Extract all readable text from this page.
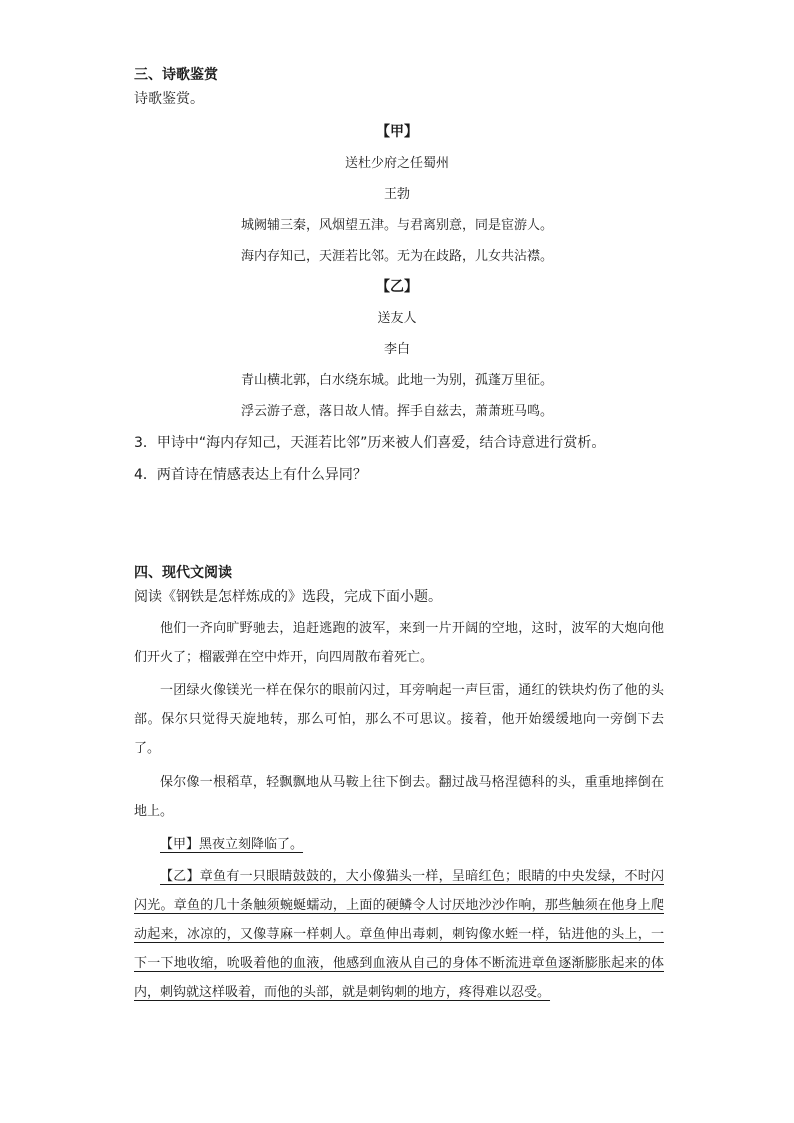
三、诗歌鉴赏
诗歌鉴赏。
【甲】
送杜少府之任蜀州
王勃
城阙辅三秦，风烟望五津。与君离别意，同是宦游人。
海内存知己，天涯若比邻。无为在歧路，儿女共沾襟。
【乙】
送友人
李白
青山横北郭，白水绕东城。此地一为别，孤蓬万里征。
浮云游子意，落日故人情。挥手自兹去，萧萧班马鸣。
3．甲诗中“海内存知己，天涯若比邻”历来被人们喜爱，结合诗意进行赏析。
4．两首诗在情感表达上有什么异同？
四、现代文阅读
阅读《钢铁是怎样炼成的》选段，完成下面小题。
他们一齐向旷野驰去，追赶逃跑的波军，来到一片开阔的空地，这时，波军的大炮向他们开火了；榴霰弹在空中炸开，向四周散布着死亡。
一团绿火像镁光一样在保尔的眼前闪过，耳旁响起一声巨雷，通红的铁块灼伤了他的头部。保尔只觉得天旋地转，那么可怕，那么不可思议。接着，他开始缓缓地向一旁倒下去了。
保尔像一根稻草，轻飘飘地从马鞍上往下倒去。翻过战马格涅德科的头，重重地摔倒在地上。
【甲】黑夜立刻降临了。
【乙】章鱼有一只眼睛鼓鼓的，大小像猫头一样，呈暗红色；眼睛的中央发绿，不时闪闪光。章鱼的几十条触须蜿蜒蠕动，上面的硬鳞令人讨厌地沙沙作响，那些触须在他身上爬动起来，冰凉的，又像荨麻一样刺人。章鱼伸出毒刺，刺钩像水蛭一样，钻进他的头上，一下一下地收缩，吮吸着他的血液，他感到血液从自己的身体不断流进章鱼逐渐膨胀起来的体内，刺钩就这样吸着，而他的头部，就是刺钩刺的地方，疼得难以忍受。
